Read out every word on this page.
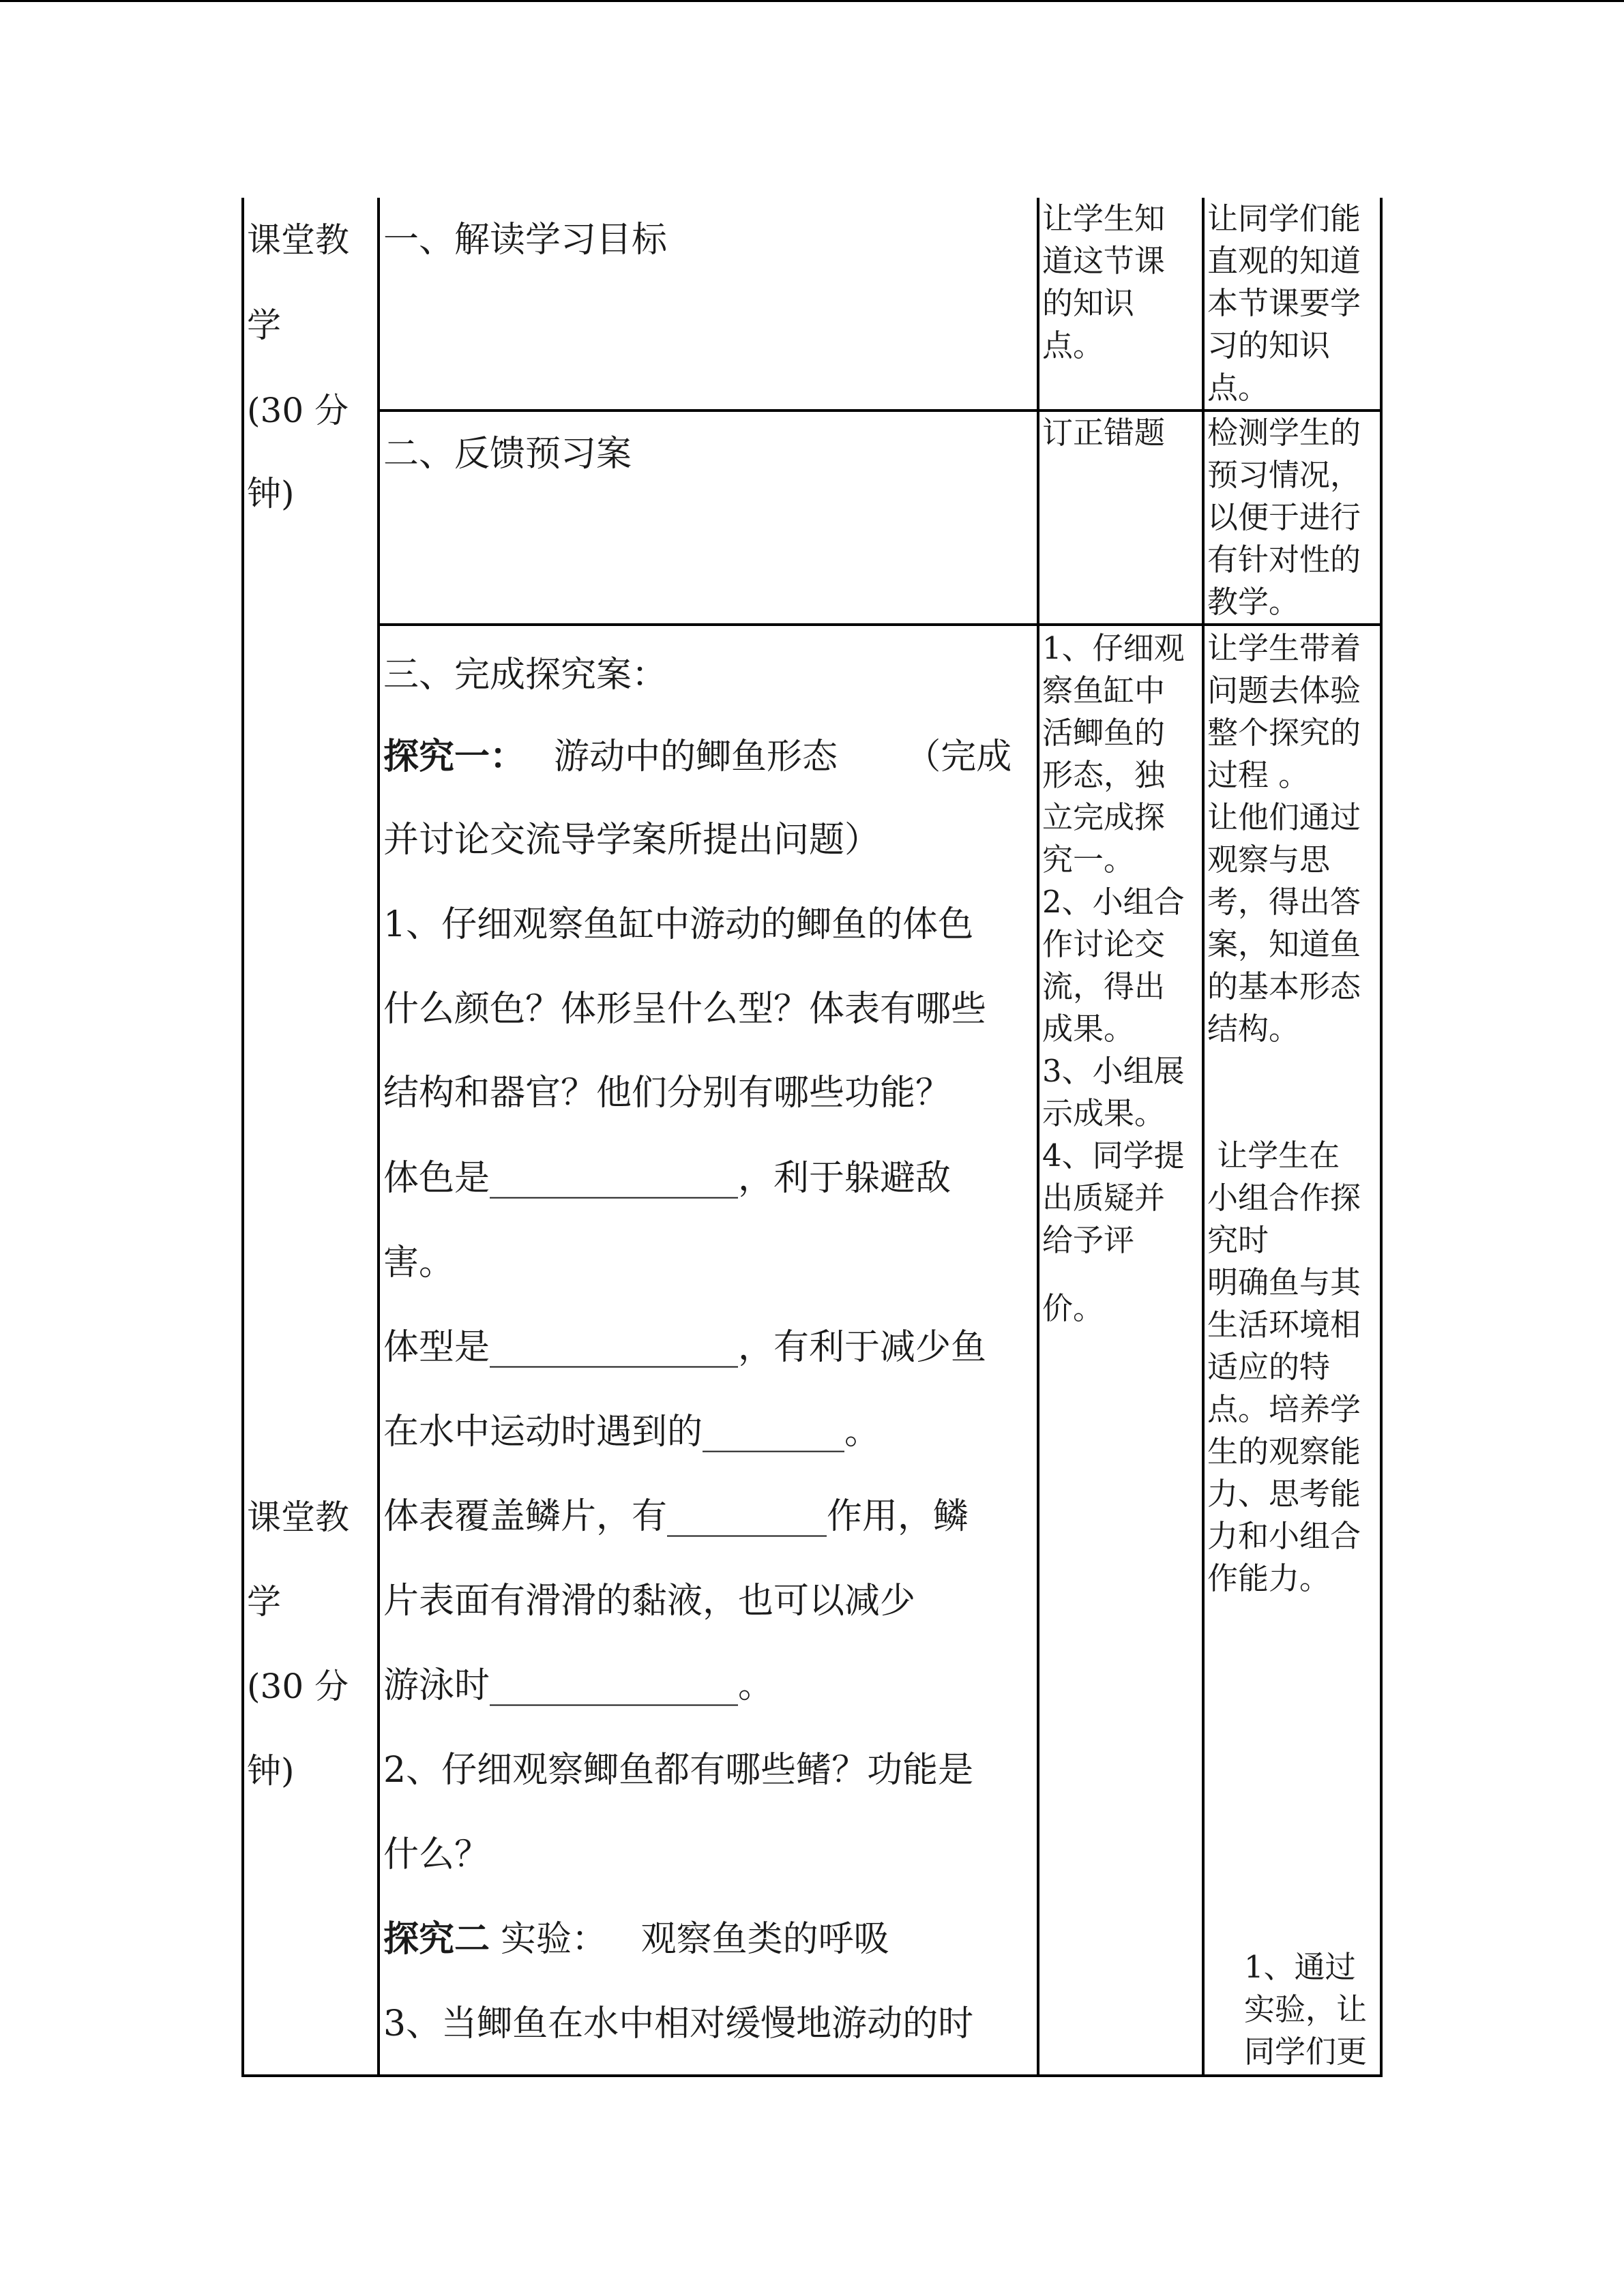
课堂教
学
(30 分
钟)
课堂教
学
(30 分
钟)
一、解读学习目标
让学生知
道这节课
的知识
点。
让同学们能
直观的知道
本节课要学
习的知识
点。
二、反馈预习案
订正错题 检测学生的
预习情况，
以便于进行
有针对性的
教学。
三、完成探究案：
探究一： 游动中的鲫鱼形态      （完成
并讨论交流导学案所提出问题）
1、仔细观察鱼缸中游动的鲫鱼的体色
什么颜色？体形呈什么型？体表有哪些
结构和器官？他们分别有哪些功能？
体色是______________，利于躲避敌
害。
体型是______________，有利于减少鱼
在水中运动时遇到的________。
体表覆盖鳞片，有_________作用，鳞
片表面有滑滑的黏液，也可以减少
游泳时______________。
2、仔细观察鲫鱼都有哪些鳍？功能是
什么？
探究二 实验：   观察鱼类的呼吸
3、当鲫鱼在水中相对缓慢地游动的时
1、仔细观
察鱼缸中
活鲫鱼的
形态，独
立完成探
究一。
2、小组合
作讨论交
流，得出
成果。
3、小组展
示成果。
4、同学提
出质疑并
给予评
价。
让学生带着
问题去体验
整个探究的
过程 。
让他们通过
观察与思
考，得出答
案，知道鱼
的基本形态
结构。
让学生在
小组合作探
究时
明确鱼与其
生活环境相
适应的特
点。培养学
生的观察能
力、思考能
力和小组合
作能力。
1、通过
实验，让
同学们更
